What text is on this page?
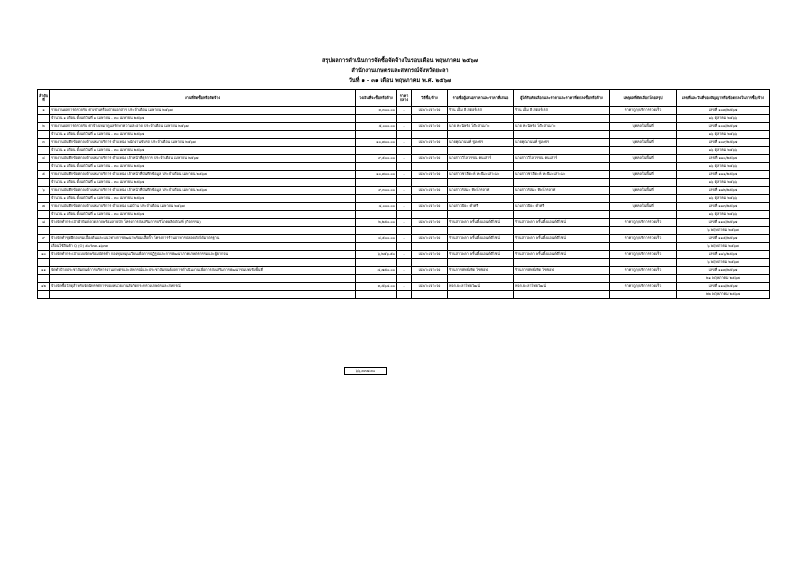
สรุปผลการดำเนินการจัดซื้อจัดจ้างในรอบเดือน พฤษภาคม ๒๕๖๗
สำนักงานเกษตรและสหกรณ์จังหวัดยะลา
วันที่ ๑ - ๓๑ เดือน พฤษภาคม พ.ศ. ๒๕๖๗
ลำดับที่	งานที่จัดซื้อหรือจัดจ้าง	วงเงินที่จะซื้อหรือจ้าง	ราคากลาง	วิธีซื้อ/จ้าง	รายชื่อผู้เสนอราคาและราคาที่เสนอ	ผู้ได้รับคัดเลือกและราคาและราคาที่ตกลงซื้อหรือจ้าง	เหตุผลที่คัดเลือกโดยสรุป	เลขที่และวันที่ของสัญญาหรือข้อตกลงในการซื้อ/จ้าง
๑	รายงานผลการตรวจรับ ค่าเช่าเครื่องถ่ายเอกสาร ประจำเดือน เมษายน ๒๕๖๗	๓,๓๐๐.๐๐	-	เฉพาะเจาะจง	ร้าน เอ็ม พี สตอร์เรส	ร้าน เอ็ม พี สตอร์เรส	ราคาถูก/บริการรวดเร็ว	เลขที่ ๑๐๗/๒๕๖๗
	จำนวน ๑ เดือน ตั้งแต่วันที่ ๑ เมษายน - ๓๐ เมษายน ๒๕๖๗							๑๖ ตุลาคม ๒๕๖๖
๒	รายงานผลการตรวจรับ ค่าจ้างเหมาดูแลรักษาความสะอาด ประจำเดือน เมษายน ๒๕๖๗	๕,๐๐๐.๐๐	-	เฉพาะเจาะจง	นาย ทะนิษรัง โต๊ะสาเมาะ	นาย ทะนิษรัง โต๊ะสาเมาะ	บุคคลในพื้นที่	เลขที่ ๑๐๘/๒๕๖๗
	จำนวน ๑ เดือน ตั้งแต่วันที่ ๑ เมษายน - ๓๐ เมษายน ๒๕๖๗							๑๖ ตุลาคม ๒๕๖๖
๓	รายงานบันทึกข้อตกลงจ้างเหมาบริการ ตำแหน่ง พนักงานขับรถ ประจำเดือน เมษายน ๒๕๖๗	๑๐,๗๐๐.๐๐	-	เฉพาะเจาะจง	นายคุณานนท์ ชูเพชร	นายคุณานนท์ ชูเพชร	บุคคลในพื้นที่	เลขที่ ๑๐๙/๒๕๖๗
	จำนวน ๑ เดือน ตั้งแต่วันที่ ๑ เมษายน - ๓๐ เมษายน ๒๕๖๗							๑๖ ตุลาคม ๒๕๖๖
๔	รายงานบันทึกข้อตกลงจ้างเหมาบริการ ตำแหน่ง เจ้าหน้าที่ธุรการ ประจำเดือน เมษายน ๒๕๖๗	๙,๕๐๐.๐๐	-	เฉพาะเจาะจง	นางสาววิไลวรรณ คนเสาร์	นางสาววิไลวรรณ คนเสาร์	บุคคลในพื้นที่	เลขที่ ๑๑๐/๒๕๖๗
	จำนวน ๑ เดือน ตั้งแต่วันที่ ๑ เมษายน - ๓๐ เมษายน ๒๕๖๗							๑๖ ตุลาคม ๒๕๖๖
๕	รายงานบันทึกข้อตกลงจ้างเหมาบริการ ตำแหน่ง เจ้าหน้าที่บันทึกข้อมูล ประจำเดือน เมษายน ๒๕๖๗	๑๐,๗๐๐.๐๐	-	เฉพาะเจาะจง	นางสาวซาฮีดะห์ หะยีมะเสาะมะ	นางสาวซาฮีดะห์ หะยีมะเสาะมะ	บุคคลในพื้นที่	เลขที่ ๑๑๑/๒๕๖๗
	จำนวน ๑ เดือน ตั้งแต่วันที่ ๑ เมษายน - ๓๐ เมษายน ๒๕๖๗							๑๖ ตุลาคม ๒๕๖๖
๖	รายงานบันทึกข้อตกลงจ้างเหมาบริการ ตำแหน่ง เจ้าหน้าที่บันทึกข้อมูล ประจำเดือน เมษายน ๒๕๖๗	๙,๓๐๐.๐๐	-	เฉพาะเจาะจง	นางสาวรัสมะ ทิพโกรลาศ	นางสาวรัสมะ ทิพโกรลาศ	บุคคลในพื้นที่	เลขที่ ๑๑๒/๒๕๖๗
	จำนวน ๑ เดือน ตั้งแต่วันที่ ๑ เมษายน - ๓๐ เมษายน ๒๕๖๗							๑๖ ตุลาคม ๒๕๖๖
๗	รายงานบันทึกข้อตกลงจ้างเหมาบริการ ตำแหน่ง แม่บ้าน ประจำเดือน เมษายน ๒๕๖๗	๔,๐๐๐.๐๐	-	เฉพาะเจาะจง	นางสาวปิยะ คำศรี	นางสาวปิยะ คำศรี	บุคคลในพื้นที่	เลขที่ ๑๑๓/๒๕๖๗
	จำนวน ๑ เดือน ตั้งแต่วันที่ ๑ เมษายน - ๓๐ เมษายน ๒๕๖๗							๑๖ ตุลาคม ๒๕๖๖
๘	จ้างจัดทำกระเป๋าผ้าพิมพ์ลวดลายพร้อมลายปัก โครงการส่งเสริมการบริโภคผลิตภัณฑ์ (กิจกรรม)	๒,๒๕๐.๐๐	-	เฉพาะเจาะจง	ร้านสาวพลา พริ้นติ้งแอนด์ดีไซน์	ร้านสาวพลา พริ้นติ้งแอนด์ดีไซน์	ราคาถูก/บริการรวดเร็ว	เลขที่ ๑๑๔/๒๕๖๗
								๖ พฤษภาคม ๒๕๖๗
๙	จ้างจัดทำชุดฝึกอบรมเบื้องต้นและแนวทางการพัฒนาพร้อมเสื้อกั๊ก โครงการร้านอาหารปลอดภัยได้มาตรฐาน	๔,๕๐๐.๐๐	-	เฉพาะเจาะจง	ร้านสาวพลา พริ้นติ้งแอนด์ดีไซน์	ร้านสาวพลา พริ้นติ้งแอนด์ดีไซน์	ราคาถูก/บริการรวดเร็ว	เลขที่ ๑๑๕/๒๕๖๗
	เลื่อนใช้สินค้า Q (O) ๕๐ร๓๓-๑๖๓๓							๖ พฤษภาคม ๒๕๖๗
๑๐	จ้างจัดทำกระเป๋าแบบจัดพร้อมบัตรคำ กองทุนหมุนเวียนเพื่อการปฏิรูปและการพัฒนาภาคเกษตรกรรมและผู้ยากจน	๖,๒๕๖.๕๐	-	เฉพาะเจาะจง	ร้านสาวพลา พริ้นติ้งแอนด์ดีไซน์	ร้านสาวพลา พริ้นติ้งแอนด์ดีไซน์	ราคาถูก/บริการรวดเร็ว	เลขที่ ๑๑๖/๒๕๖๗
								๖ พฤษภาคม ๒๕๖๗
๑๑	จัดทำป้ายประชาสัมพันธ์การบริหารงานเกษตรและสหกรณ์และประชาสัมพันธ์ผลการดำเนินงานเพื่อการส่งเสริมการพัฒนาชนบทเชิงพื้นที่	๔,๗๕๐.๐๐	-	เฉพาะเจาะจง	ร้านการพัทธ์เทิด ไซซอฟ	ร้านการพัทธ์เทิด ไซซอฟ	ราคาถูก/บริการรวดเร็ว	เลขที่ ๑๑๗/๒๕๖๗
								๒๑ พฤษภาคม ๒๕๖๗
๑๒	จ้างจัดซื้อวัสดุสำหรับจัดนิทรรศการของหน่วยงานสังกัดกระทรวงเกษตรและสหกรณ์	๓,๕๖๔.๐๐	-	เฉพาะเจาะจง	หจก.ยะลาไทยวัฒน์	หจก.ยะลาไทยวัฒน์	ราคาถูก/บริการรวดเร็ว	เลขที่ ๑๑๘/๒๕๖๗
								๒๒ พฤษภาคม ๒๕๖๗
๖๖,๓๓๗.๓๐
